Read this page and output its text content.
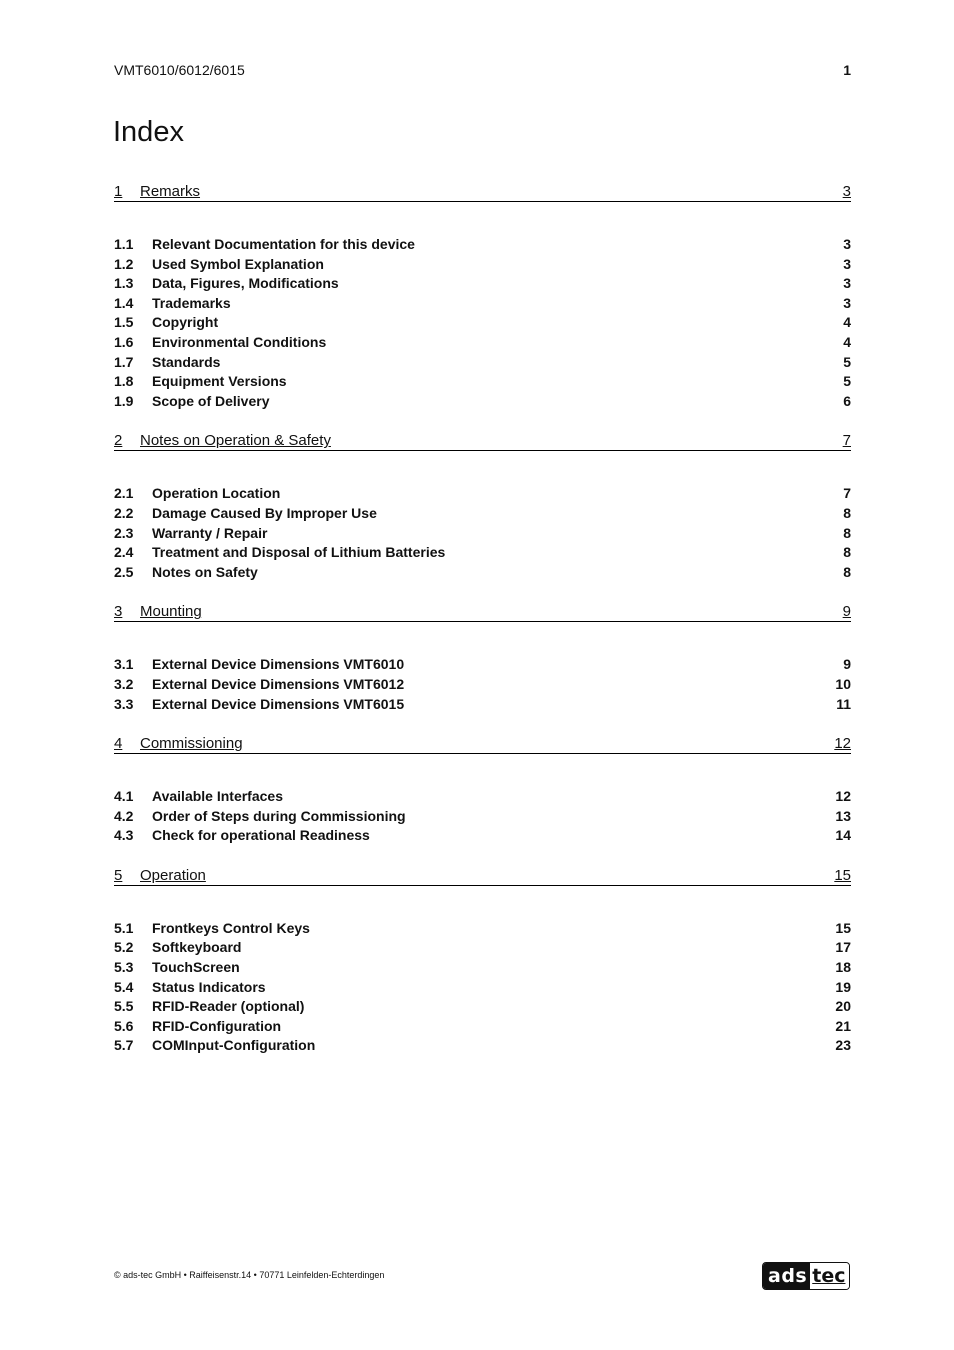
VMT6010/6012/6015	1
Index
1	Remarks	3
1.1	Relevant Documentation for this device	3
1.2	Used Symbol Explanation	3
1.3	Data, Figures, Modifications	3
1.4	Trademarks	3
1.5	Copyright	4
1.6	Environmental Conditions	4
1.7	Standards	5
1.8	Equipment Versions	5
1.9	Scope of Delivery	6
2	Notes on Operation & Safety	7
2.1	Operation Location	7
2.2	Damage Caused By Improper Use	8
2.3	Warranty / Repair	8
2.4	Treatment and Disposal of Lithium Batteries	8
2.5	Notes on Safety	8
3	Mounting	9
3.1	External Device Dimensions VMT6010	9
3.2	External Device Dimensions VMT6012	10
3.3	External Device Dimensions VMT6015	11
4	Commissioning	12
4.1	Available Interfaces	12
4.2	Order of Steps during Commissioning	13
4.3	Check for operational Readiness	14
5	Operation	15
5.1	Frontkeys Control Keys	15
5.2	Softkeyboard	17
5.3	TouchScreen	18
5.4	Status Indicators	19
5.5	RFID-Reader (optional)	20
5.6	RFID-Configuration	21
5.7	COMInput-Configuration	23
© ads-tec GmbH • Raiffeisenstr.14 • 70771 Leinfelden-Echterdingen	ads tec
